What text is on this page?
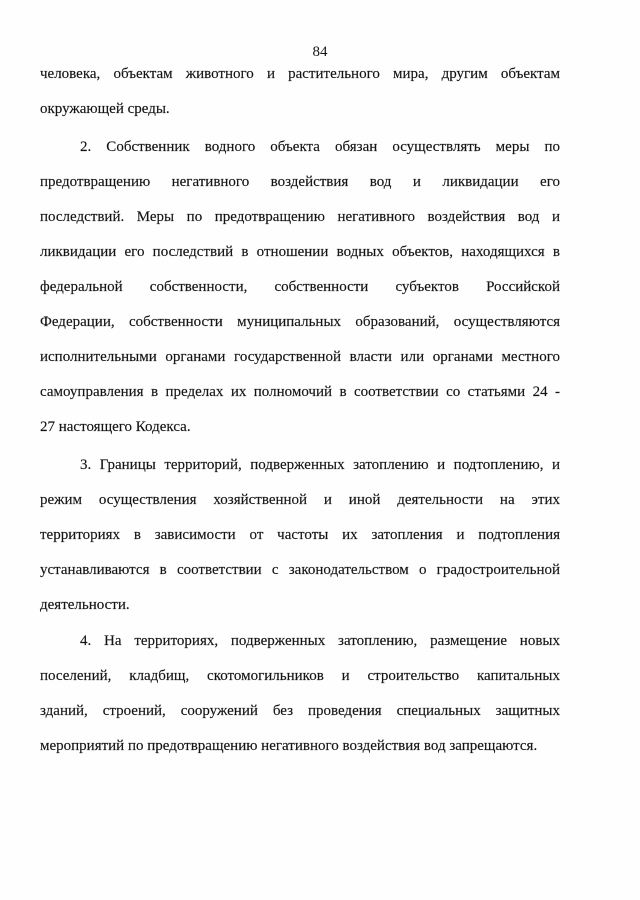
84
человека, объектам животного и растительного мира, другим объектам
окружающей среды.
2. Собственник водного объекта обязан осуществлять меры по
предотвращению негативного воздействия вод и ликвидации его
последствий. Меры по предотвращению негативного воздействия вод и
ликвидации его последствий в отношении водных объектов, находящихся в
федеральной собственности, собственности субъектов Российской
Федерации, собственности муниципальных образований, осуществляются
исполнительными органами государственной власти или органами местного
самоуправления в пределах их полномочий в соответствии со статьями 24 -
27 настоящего Кодекса.
3. Границы территорий, подверженных затоплению и подтоплению, и
режим осуществления хозяйственной и иной деятельности на этих
территориях в зависимости от частоты их затопления и подтопления
устанавливаются в соответствии с законодательством о градостроительной
деятельности.
4. На территориях, подверженных затоплению, размещение новых
поселений, кладбищ, скотомогильников и строительство капитальных
зданий, строений, сооружений без проведения специальных защитных
мероприятий по предотвращению негативного воздействия вод запрещаются.
